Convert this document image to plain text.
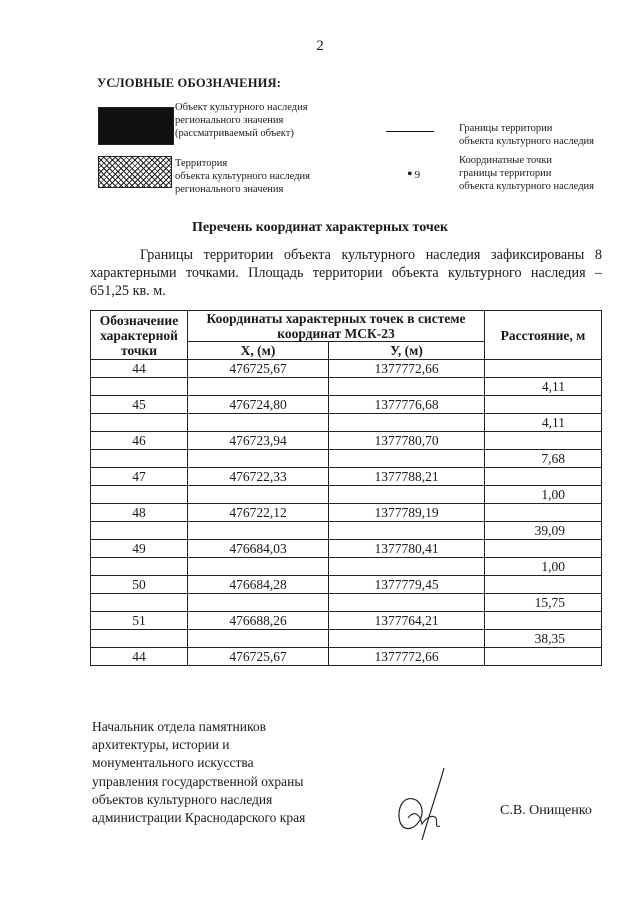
2
УСЛОВНЫЕ ОБОЗНАЧЕНИЯ:
Объект культурного наследия
регионального значения
(рассматриваемый объект)
Территория
объекта культурного наследия
регионального значения
Границы территории
объекта культурного наследия
• 9
Координатные точки
границы территории
объекта культурного наследия
Перечень координат характерных точек
Границы территории объекта культурного наследия зафиксированы 8 характерными точками. Площадь территории объекта культурного наследия – 651,25 кв. м.
Обозначение характерной точки	Координаты характерных точек в системе координат МСК-23		Расстояние, м
	X, (м)	У, (м)	
44	476725,67	1377772,66	
			4,11
45	476724,80	1377776,68	
			4,11
46	476723,94	1377780,70	
			7,68
47	476722,33	1377788,21	
			1,00
48	476722,12	1377789,19	
			39,09
49	476684,03	1377780,41	
			1,00
50	476684,28	1377779,45	
			15,75
51	476688,26	1377764,21	
			38,35
44	476725,67	1377772,66	
Начальник отдела памятников
архитектуры, истории и
монументального искусства
управления государственной охраны
объектов культурного наследия
администрации Краснодарского края	С.В. Онищенко
